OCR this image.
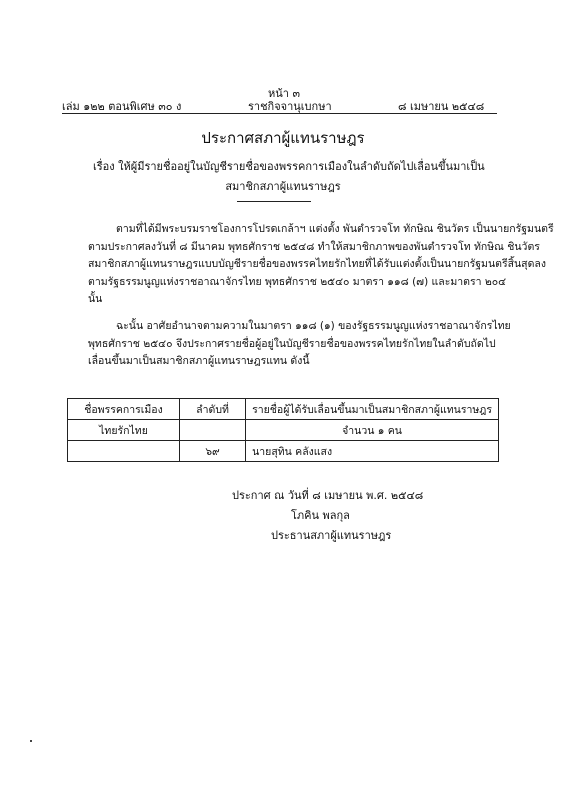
หน้า ๓
เล่ม ๑๒๒ ตอนพิเศษ ๓๐ ง	ราชกิจจานุเบกษา	๘ เมษายน ๒๕๔๘
ประกาศสภาผู้แทนราษฎร
เรื่อง ให้ผู้มีรายชื่ออยู่ในบัญชีรายชื่อของพรรคการเมืองในลำดับถัดไปเลื่อนขึ้นมาเป็น
สมาชิกสภาผู้แทนราษฎร
ตามที่ได้มีพระบรมราชโองการโปรดเกล้าฯ แต่งตั้ง พันตำรวจโท ทักษิณ ชินวัตร เป็นนายกรัฐมนตรี
ตามประกาศลงวันที่ ๘ มีนาคม พุทธศักราช ๒๕๔๘ ทำให้สมาชิกภาพของพันตำรวจโท ทักษิณ ชินวัตร
สมาชิกสภาผู้แทนราษฎรแบบบัญชีรายชื่อของพรรคไทยรักไทยที่ได้รับแต่งตั้งเป็นนายกรัฐมนตรีสิ้นสุดลง
ตามรัฐธรรมนูญแห่งราชอาณาจักรไทย พุทธศักราช ๒๕๔๐ มาตรา ๑๑๘ (๗) และมาตรา ๒๐๔
นั้น
ฉะนั้น อาศัยอำนาจตามความในมาตรา ๑๑๘ (๑) ของรัฐธรรมนูญแห่งราชอาณาจักรไทย
พุทธศักราช ๒๕๔๐ จึงประกาศรายชื่อผู้อยู่ในบัญชีรายชื่อของพรรคไทยรักไทยในลำดับถัดไป
เลื่อนขึ้นมาเป็นสมาชิกสภาผู้แทนราษฎรแทน ดังนี้
ชื่อพรรคการเมือง	ลำดับที่	รายชื่อผู้ได้รับเลื่อนขึ้นมาเป็นสมาชิกสภาผู้แทนราษฎร
ไทยรักไทย		จำนวน ๑ คน
	๖๙	นายสุทิน คลังแสง
ประกาศ ณ วันที่ ๘ เมษายน พ.ศ. ๒๕๔๘
โภคิน พลกุล
ประธานสภาผู้แทนราษฎร
